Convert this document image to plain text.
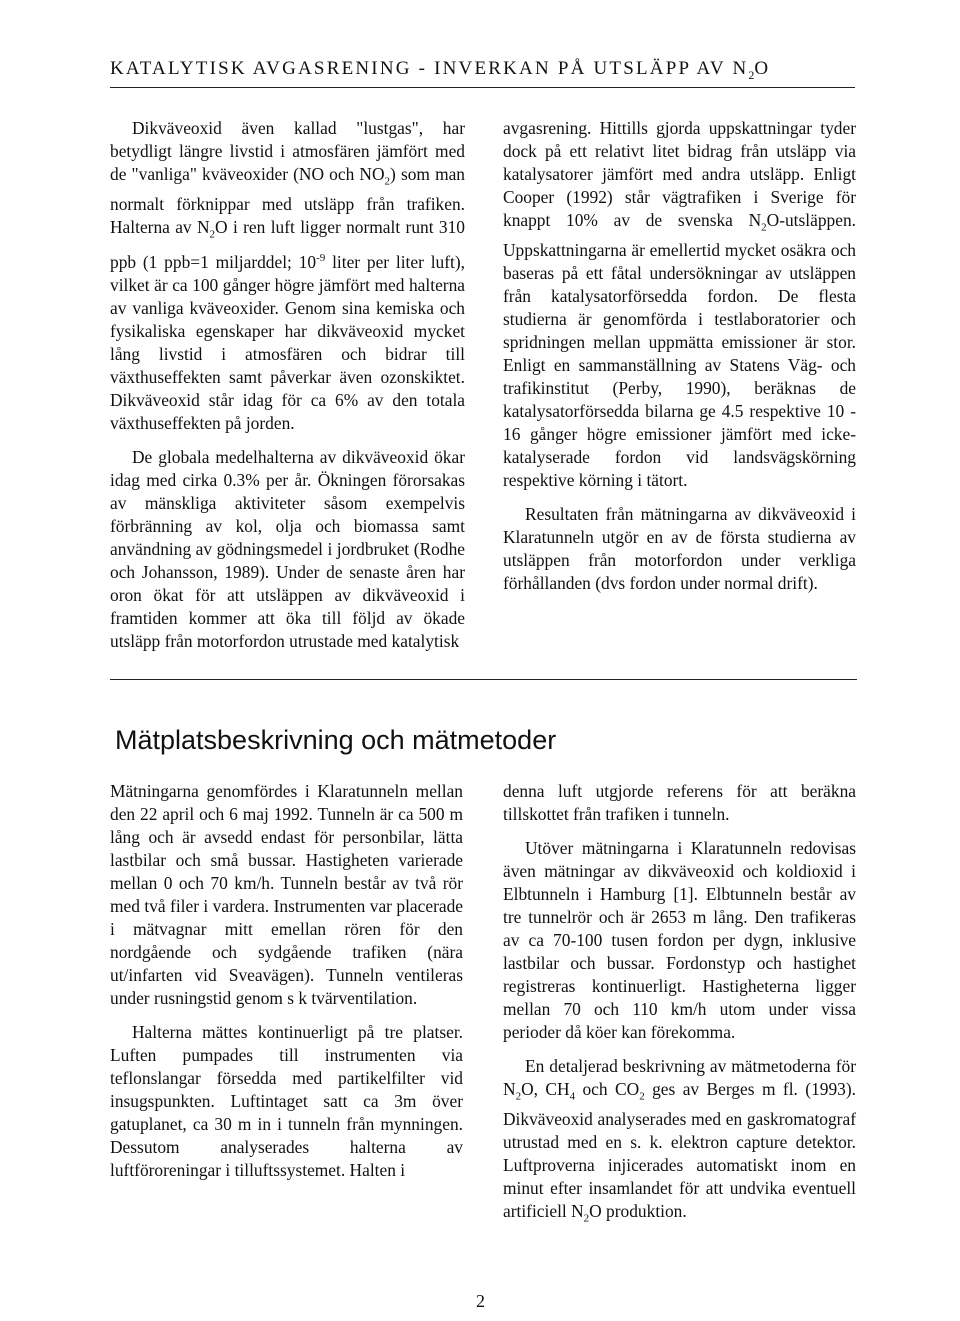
KATALYTISK AVGASRENING - INVERKAN PÅ UTSLÄPP AV $N_2O$

Dikväveoxid även kallad "lustgas", har betydligt längre livstid i atmosfären jämfört med de "vanliga" kväveoxider (NO och $NO_2$) som man normalt förknippar med utsläpp från trafiken. Halterna av $N_2O$ i ren luft ligger normalt runt 310 ppb (1 ppb=1 miljarddel; $10^{-9}$ liter per liter luft), vilket är ca 100 gånger högre jämfört med halterna av vanliga kväveoxider. Genom sina kemiska och fysikaliska egenskaper har dikväveoxid mycket lång livstid i atmosfären och bidrar till växthuseffekten samt påverkar även ozonskiktet. Dikväveoxid står idag för ca 6% av den totala växthuseffekten på jorden.

De globala medelhalterna av dikväveoxid ökar idag med cirka 0.3% per år. Ökningen förorsakas av mänskliga aktiviteter såsom exempelvis förbränning av kol, olja och biomassa samt användning av gödningsmedel i jordbruket (Rodhe och Johansson, 1989). Under de senaste åren har oron ökat för att utsläppen av dikväveoxid i framtiden kommer att öka till följd av ökade utsläpp från motorfordon utrustade med katalytisk

avgasrening. Hittills gjorda uppskattningar tyder dock på ett relativt litet bidrag från utsläpp via katalysatorer jämfört med andra utsläpp. Enligt Cooper (1992) står vägtrafiken i Sverige för knappt 10% av de svenska $N_2O$-utsläppen. Uppskattningarna är emellertid mycket osäkra och baseras på ett fåtal undersökningar av utsläppen från katalysatorförsedda fordon. De flesta studierna är genomförda i testlaboratorier och spridningen mellan uppmätta emissioner är stor. Enligt en sammanställning av Statens Väg- och trafikinstitut (Perby, 1990), beräknas de katalysatorförsedda bilarna ge 4.5 respektive 10 - 16 gånger högre emissioner jämfört med icke-katalyserade fordon vid landsvägskörning respektive körning i tätort.

Resultaten från mätningarna av dikväveoxid i Klaratunneln utgör en av de första studierna av utsläppen från motorfordon under verkliga förhållanden (dvs fordon under normal drift).

Mätplatsbeskrivning och mätmetoder

Mätningarna genomfördes i Klaratunneln mellan den 22 april och 6 maj 1992. Tunneln är ca 500 m lång och är avsedd endast för personbilar, lätta lastbilar och små bussar. Hastigheten varierade mellan 0 och 70 km/h. Tunneln består av två rör med två filer i vardera. Instrumenten var placerade i mätvagnar mitt emellan rören för den nordgående och sydgående trafiken (nära ut/infarten vid Sveavägen). Tunneln ventileras under rusningstid genom s k tvärventilation.

Halterna mättes kontinuerligt på tre platser. Luften pumpades till instrumenten via teflonslangar försedda med partikelfilter vid insugspunkten. Luftintaget satt ca 3m över gatuplanet, ca 30 m in i tunneln från mynningen. Dessutom analyserades halterna av luftföroreningar i tilluftssystemet. Halten i

denna luft utgjorde referens för att beräkna tillskottet från trafiken i tunneln.

Utöver mätningarna i Klaratunneln redovisas även mätningar av dikväveoxid och koldioxid i Elbtunneln i Hamburg [1]. Elbtunneln består av tre tunnelrör och är 2653 m lång. Den trafikeras av ca 70-100 tusen fordon per dygn, inklusive lastbilar och bussar. Fordonstyp och hastighet registreras kontinuerligt. Hastigheterna ligger mellan 70 och 110 km/h utom under vissa perioder då köer kan förekomma.

En detaljerad beskrivning av mätmetoderna för $N_2O$, $CH_4$ och $CO_2$ ges av Berges m fl. (1993). Dikväveoxid analyserades med en gaskromatograf utrustad med en s. k. elektron capture detektor. Luftproverna injicerades automatiskt inom en minut efter insamlandet för att undvika eventuell artificiell $N_2O$ produktion.

2
